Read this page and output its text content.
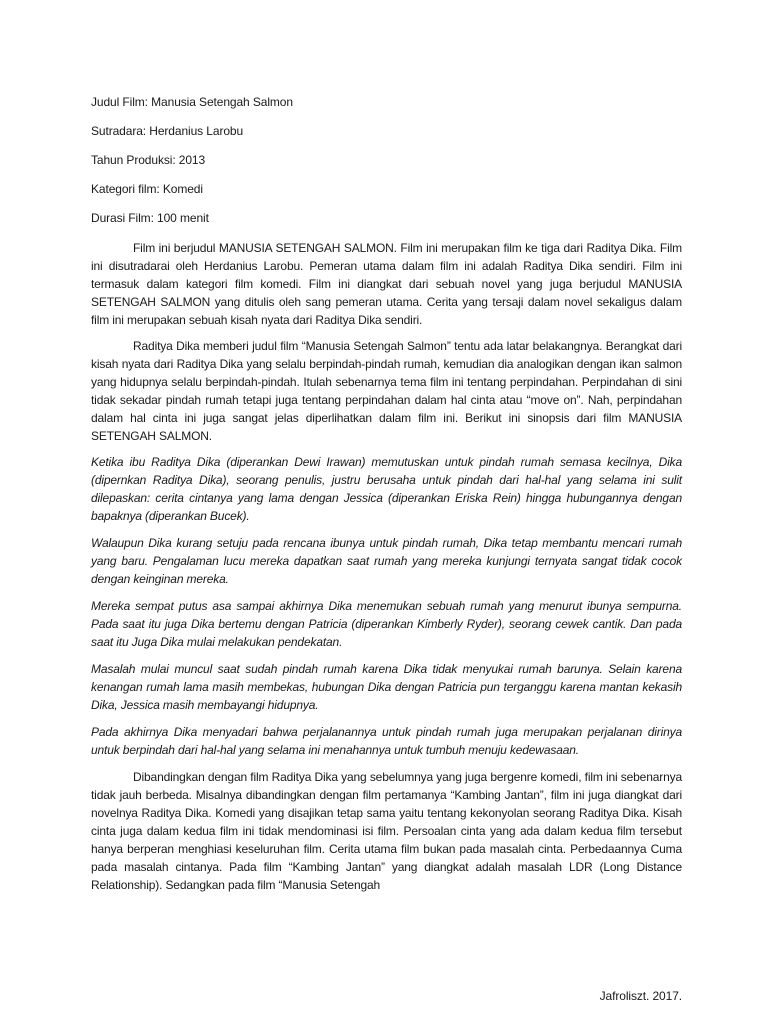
Judul Film: Manusia Setengah Salmon

Sutradara: Herdanius Larobu

Tahun Produksi: 2013

Kategori film: Komedi

Durasi Film: 100 menit

Film ini berjudul MANUSIA SETENGAH SALMON. Film ini merupakan film ke tiga dari Raditya Dika. Film ini disutradarai oleh Herdanius Larobu. Pemeran utama dalam film ini adalah Raditya Dika sendiri. Film ini termasuk dalam kategori film komedi. Film ini diangkat dari sebuah novel yang juga berjudul MANUSIA SETENGAH SALMON yang ditulis oleh sang pemeran utama. Cerita yang tersaji dalam novel sekaligus dalam film ini merupakan sebuah kisah nyata dari Raditya Dika sendiri.

Raditya Dika memberi judul film “Manusia Setengah Salmon” tentu ada latar belakangnya. Berangkat dari kisah nyata dari Raditya Dika yang selalu berpindah-pindah rumah, kemudian dia analogikan dengan ikan salmon yang hidupnya selalu berpindah-pindah. Itulah sebenarnya tema film ini tentang perpindahan. Perpindahan di sini tidak sekadar pindah rumah tetapi juga tentang perpindahan dalam hal cinta atau “move on”. Nah, perpindahan dalam hal cinta ini juga sangat jelas diperlihatkan dalam film ini. Berikut ini sinopsis dari film MANUSIA SETENGAH SALMON.

Ketika ibu Raditya Dika (diperankan Dewi Irawan) memutuskan untuk pindah rumah semasa kecilnya, Dika (dipernkan Raditya Dika), seorang penulis, justru berusaha untuk pindah dari hal-hal yang selama ini sulit dilepaskan: cerita cintanya yang lama dengan Jessica (diperankan Eriska Rein) hingga hubungannya dengan bapaknya (diperankan Bucek).

Walaupun Dika kurang setuju pada rencana ibunya untuk pindah rumah, Dika tetap membantu mencari rumah yang baru. Pengalaman lucu mereka dapatkan saat rumah yang mereka kunjungi ternyata sangat tidak cocok dengan keinginan mereka.

Mereka sempat putus asa sampai akhirnya Dika menemukan sebuah rumah yang menurut ibunya sempurna. Pada saat itu juga Dika bertemu dengan Patricia (diperankan Kimberly Ryder), seorang cewek cantik. Dan pada saat itu Juga Dika mulai melakukan pendekatan.

Masalah mulai muncul saat sudah pindah rumah karena Dika tidak menyukai rumah barunya. Selain karena kenangan rumah lama masih membekas, hubungan Dika dengan Patricia pun terganggu karena mantan kekasih Dika, Jessica masih membayangi hidupnya.

Pada akhirnya Dika menyadari bahwa perjalanannya untuk pindah rumah juga merupakan perjalanan dirinya untuk berpindah dari hal-hal yang selama ini menahannya untuk tumbuh menuju kedewasaan.

Dibandingkan dengan film Raditya Dika yang sebelumnya yang juga bergenre komedi, film ini sebenarnya tidak jauh berbeda. Misalnya dibandingkan dengan film pertamanya “Kambing Jantan”, film ini juga diangkat dari novelnya Raditya Dika. Komedi yang disajikan tetap sama yaitu tentang kekonyolan seorang Raditya Dika. Kisah cinta juga dalam kedua film ini tidak mendominasi isi film. Persoalan cinta yang ada dalam kedua film tersebut hanya berperan menghiasi keseluruhan film. Cerita utama film bukan pada masalah cinta. Perbedaannya Cuma pada masalah cintanya. Pada film “Kambing Jantan” yang diangkat adalah masalah LDR (Long Distance Relationship). Sedangkan pada film “Manusia Setengah

Jafroliszt. 2017.
